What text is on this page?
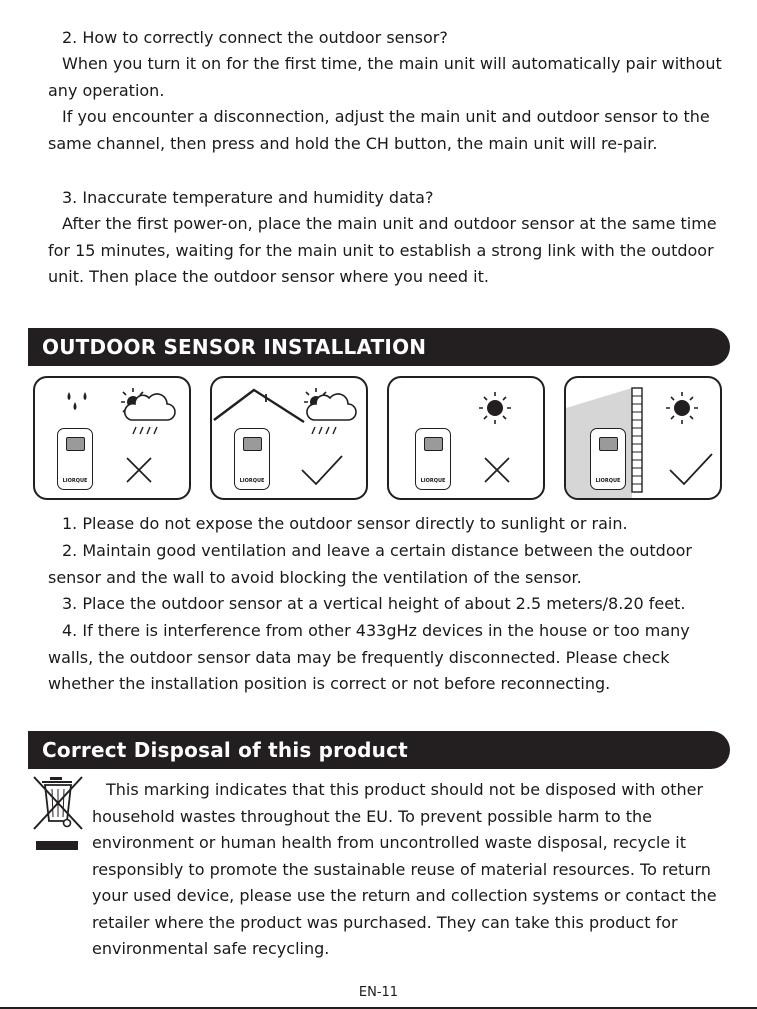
2. How to correctly connect the outdoor sensor?

When you turn it on for the first time, the main unit will automatically pair without any operation.

If you encounter a disconnection, adjust the main unit and outdoor sensor to the same channel, then press and hold the CH button, the main unit will re-pair.

3. Inaccurate temperature and humidity data?

After the first power-on, place the main unit and outdoor sensor at the same time for 15 minutes, waiting for the main unit to establish a strong link with the outdoor unit. Then place the outdoor sensor where you need it.

OUTDOOR SENSOR INSTALLATION
LIORQUE	LIORQUE	LIORQUE	LIORQUE

1. Please do not expose the outdoor sensor directly to sunlight or rain.

2. Maintain good ventilation and leave a certain distance between the outdoor sensor and the wall to avoid blocking the ventilation of the sensor.

3. Place the outdoor sensor at a vertical height of about 2.5 meters/8.20 feet.

4. If there is interference from other 433gHz devices in the house or too many walls, the outdoor sensor data may be frequently disconnected. Please check whether the installation position is correct or not before reconnecting.

Correct Disposal of this product

This marking indicates that this product should not be disposed with other household wastes throughout the EU. To prevent possible harm to the environment or human health from uncontrolled waste disposal, recycle it responsibly to promote the sustainable reuse of material resources. To return your used device, please use the return and collection systems or contact the retailer where the product was purchased. They can take this product for environmental safe recycling.

EN-11
